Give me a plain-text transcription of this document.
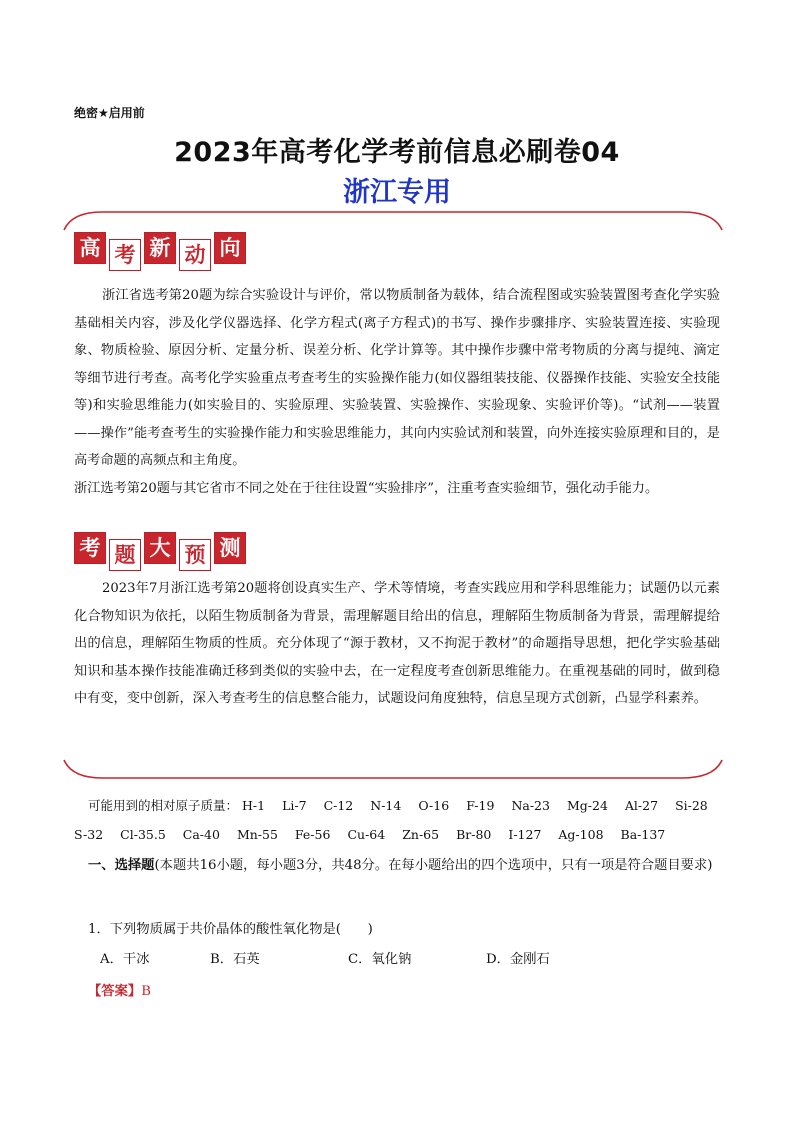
绝密★启用前
2023年高考化学考前信息必刷卷04
浙江专用
高 考 新 动 向

浙江省选考第20题为综合实验设计与评价，常以物质制备为载体，结合流程图或实验装置图考查化学实验基础相关内容，涉及化学仪器选择、化学方程式(离子方程式)的书写、操作步骤排序、实验装置连接、实验现象、物质检验、原因分析、定量分析、误差分析、化学计算等。其中操作步骤中常考物质的分离与提纯、滴定等细节进行考查。高考化学实验重点考查考生的实验操作能力(如仪器组装技能、仪器操作技能、实验安全技能等)和实验思维能力(如实验目的、实验原理、实验装置、实验操作、实验现象、实验评价等)。“试剂——装置——操作”能考查考生的实验操作能力和实验思维能力，其向内实验试剂和装置，向外连接实验原理和目的，是高考命题的高频点和主角度。

浙江选考第20题与其它省市不同之处在于往往设置“实验排序”，注重考查实验细节，强化动手能力。

考 题 大 预 测

2023年7月浙江选考第20题将创设真实生产、学术等情境，考查实践应用和学科思维能力；试题仍以元素化合物知识为依托，以陌生物质制备为背景，需理解题目给出的信息，理解陌生物质制备为背景，需理解提给出的信息，理解陌生物质的性质。充分体现了“源于教材，又不拘泥于教材”的命题指导思想，把化学实验基础知识和基本操作技能准确迁移到类似的实验中去，在一定程度考查创新思维能力。在重视基础的同时，做到稳中有变，变中创新，深入考查考生的信息整合能力，试题设问角度独特，信息呈现方式创新，凸显学科素养。

可能用到的相对原子质量： H-1 Li-7 C-12 N-14 O-16 F-19 Na-23 Mg-24 Al-27 Si-28
S-32 Cl-35.5 Ca-40 Mn-55 Fe-56 Cu-64 Zn-65 Br-80 I-127 Ag-108 Ba-137
一、选择题(本题共16小题，每小题3分，共48分。在每小题给出的四个选项中，只有一项是符合题目要求)
1．下列物质属于共价晶体的酸性氧化物是(　　)
A．干冰	B．石英	C．氧化钠	D．金刚石
【答案】B
